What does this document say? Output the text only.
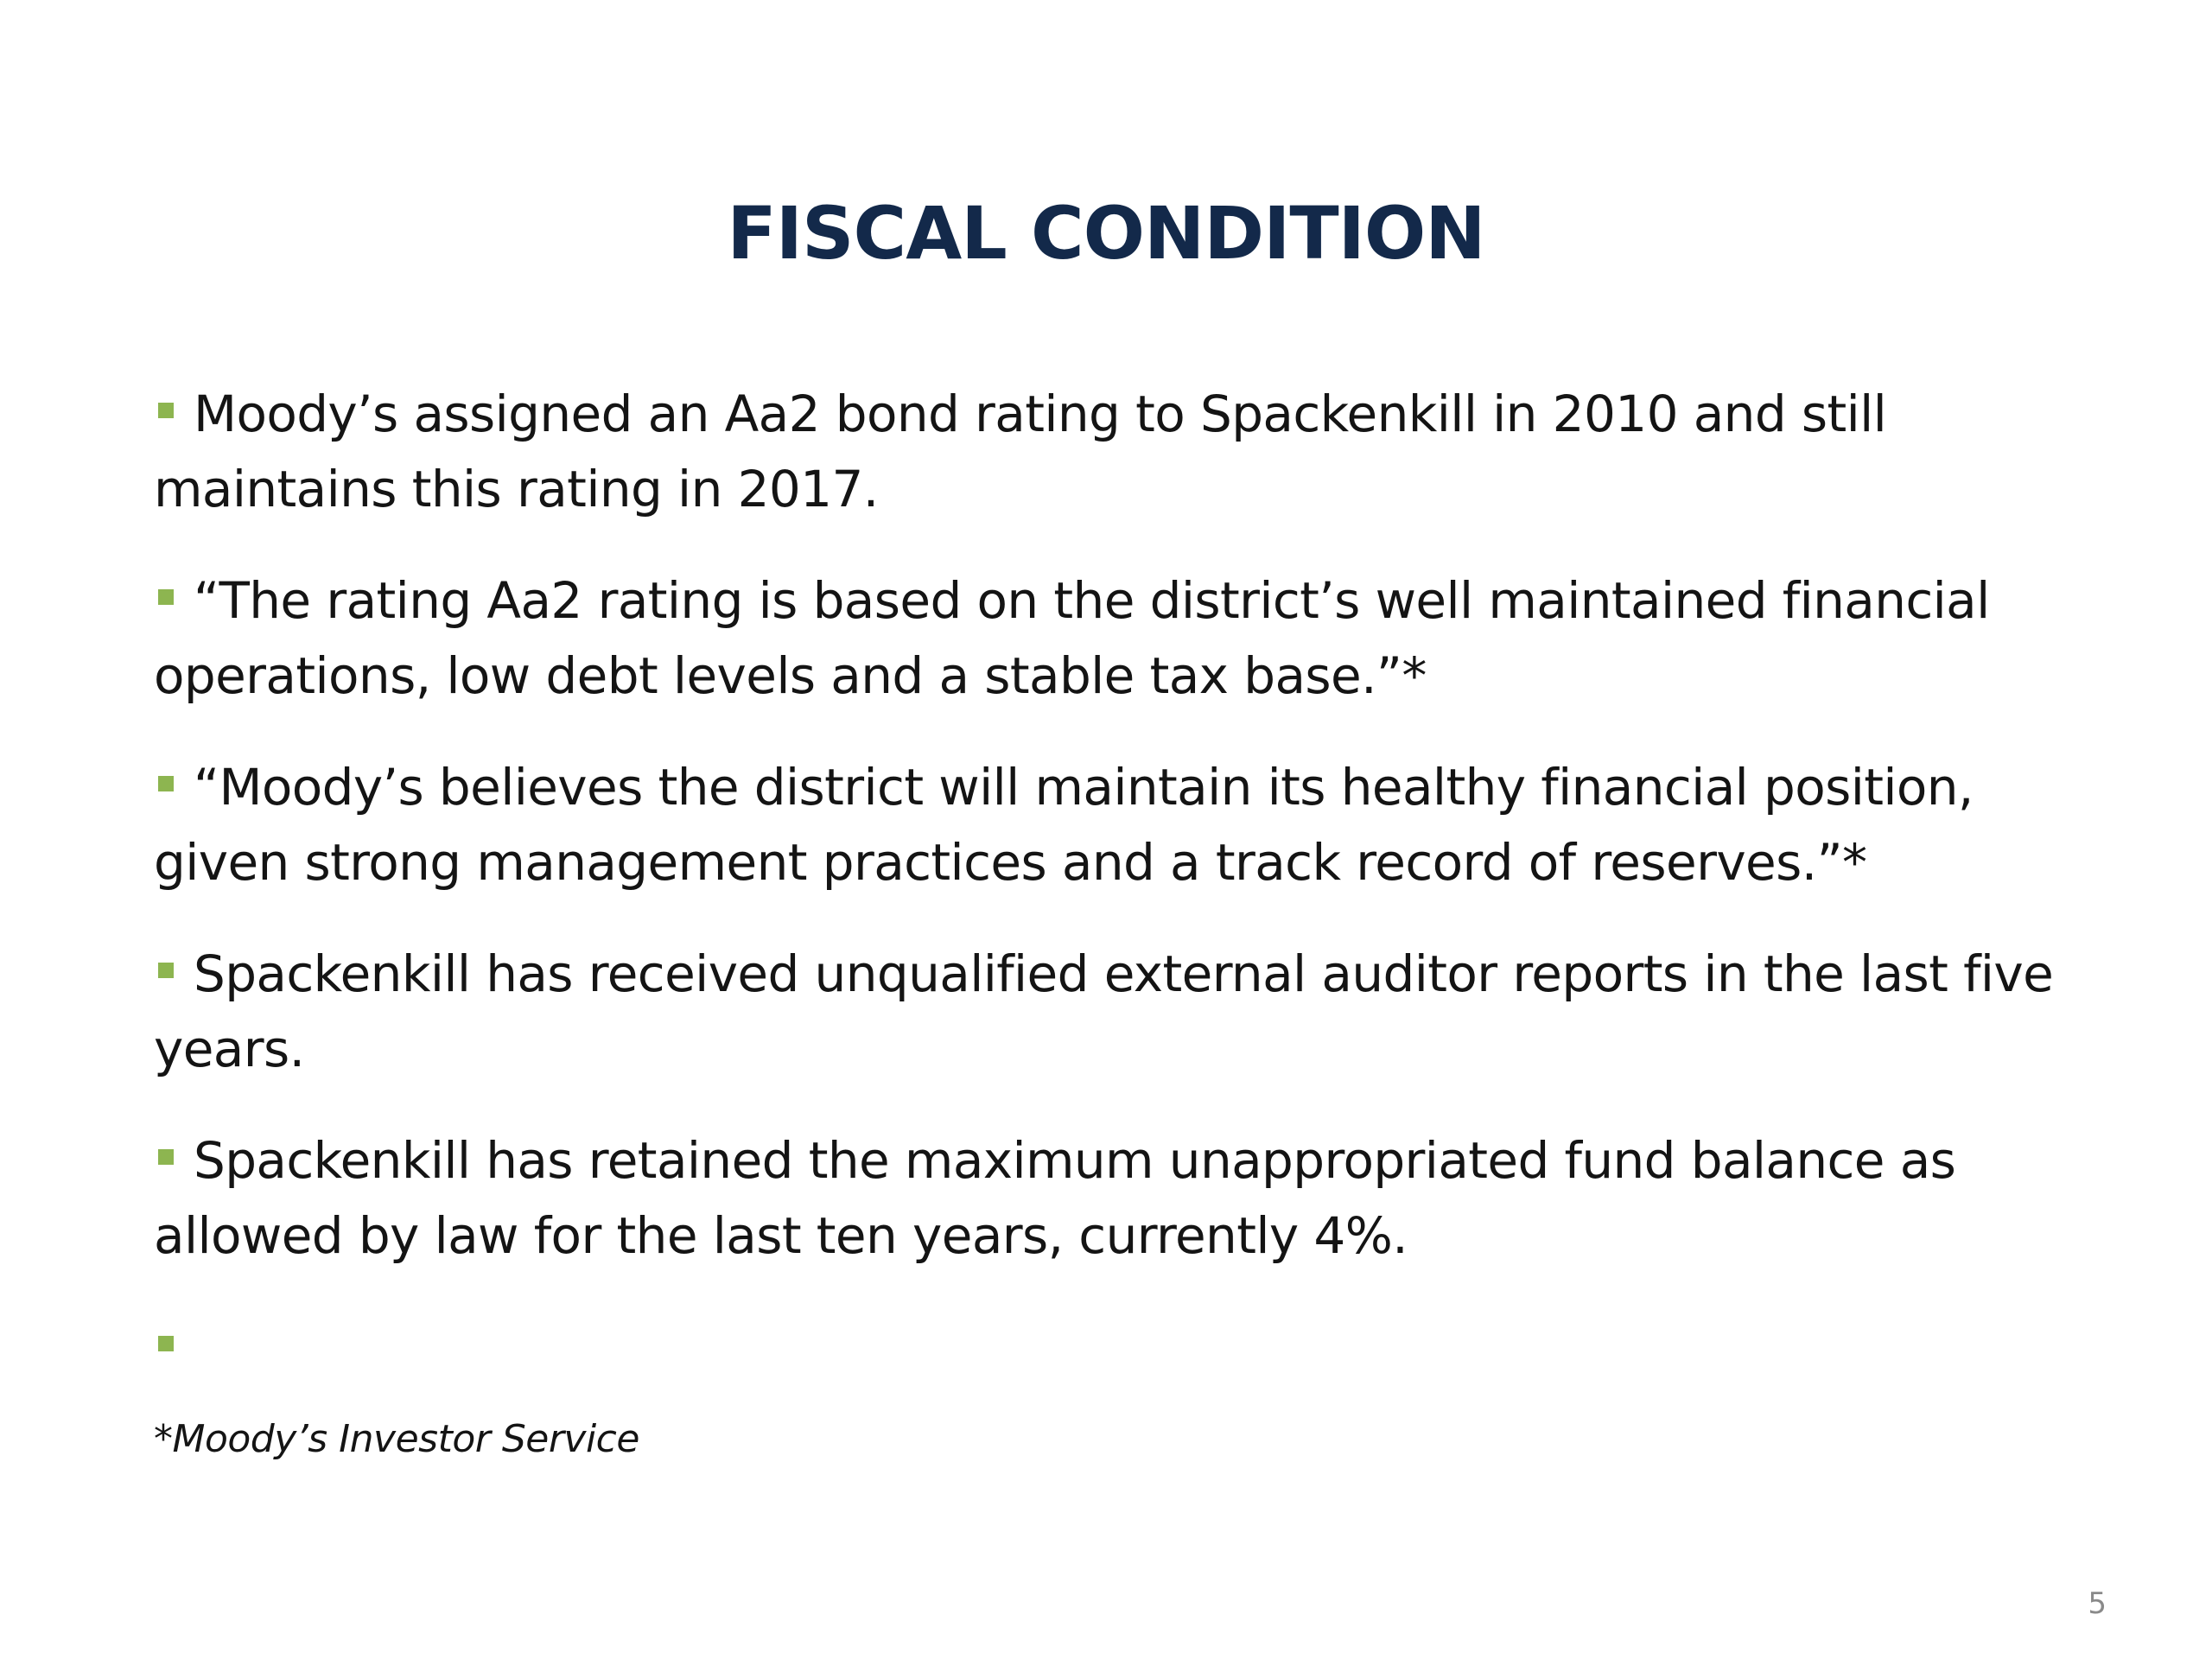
FISCAL CONDITION
Moody’s assigned an Aa2 bond rating to Spackenkill in 2010 and still maintains this rating in 2017.
“The rating Aa2 rating is based on the district’s well maintained financial operations, low debt levels and a stable tax base.”*
“Moody’s believes the district will maintain its healthy financial position, given strong management practices and a track record of reserves.”*
Spackenkill has received unqualified external auditor reports in the last five years.
Spackenkill has retained the maximum unappropriated fund balance as allowed by law for the last ten years, currently 4%.
*Moody’s Investor Service
5
